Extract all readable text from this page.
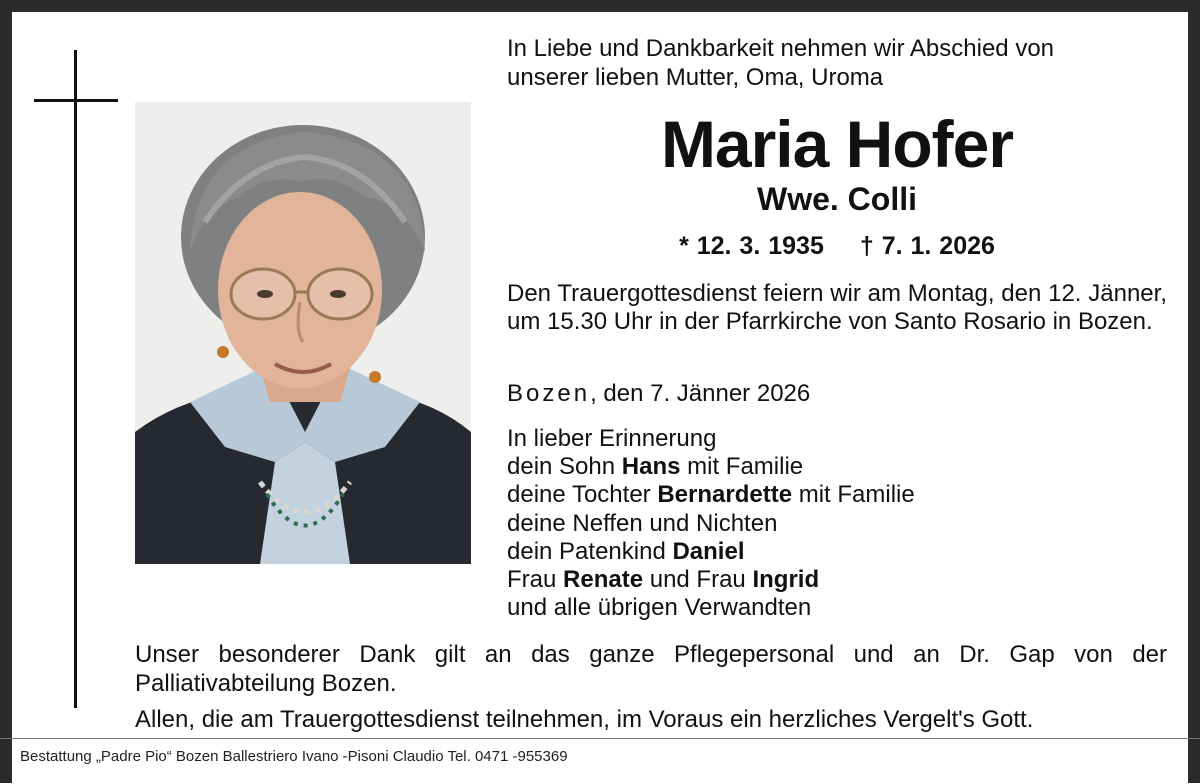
In Liebe und Dankbarkeit nehmen wir Abschied von
unserer lieben Mutter, Oma, Uroma
Maria Hofer
Wwe. Colli
* 12. 3. 1935 † 7. 1. 2026
Den Trauergottesdienst feiern wir am Montag, den 12. Jänner, um 15.30 Uhr in der Pfarrkirche von Santo Rosario in Bozen.
Bozen, den 7. Jänner 2026
In lieber Erinnerung
dein Sohn Hans mit Familie
deine Tochter Bernardette mit Familie
deine Neffen und Nichten
dein Patenkind Daniel
Frau Renate und Frau Ingrid
und alle übrigen Verwandten
Unser besonderer Dank gilt an das ganze Pflegepersonal und an Dr. Gap von der Palliativabteilung Bozen.
Allen, die am Trauergottesdienst teilnehmen, im Voraus ein herzliches Vergelt's Gott.
Bestattung „Padre Pio“ Bozen Ballestriero Ivano -Pisoni Claudio Tel. 0471 -955369
